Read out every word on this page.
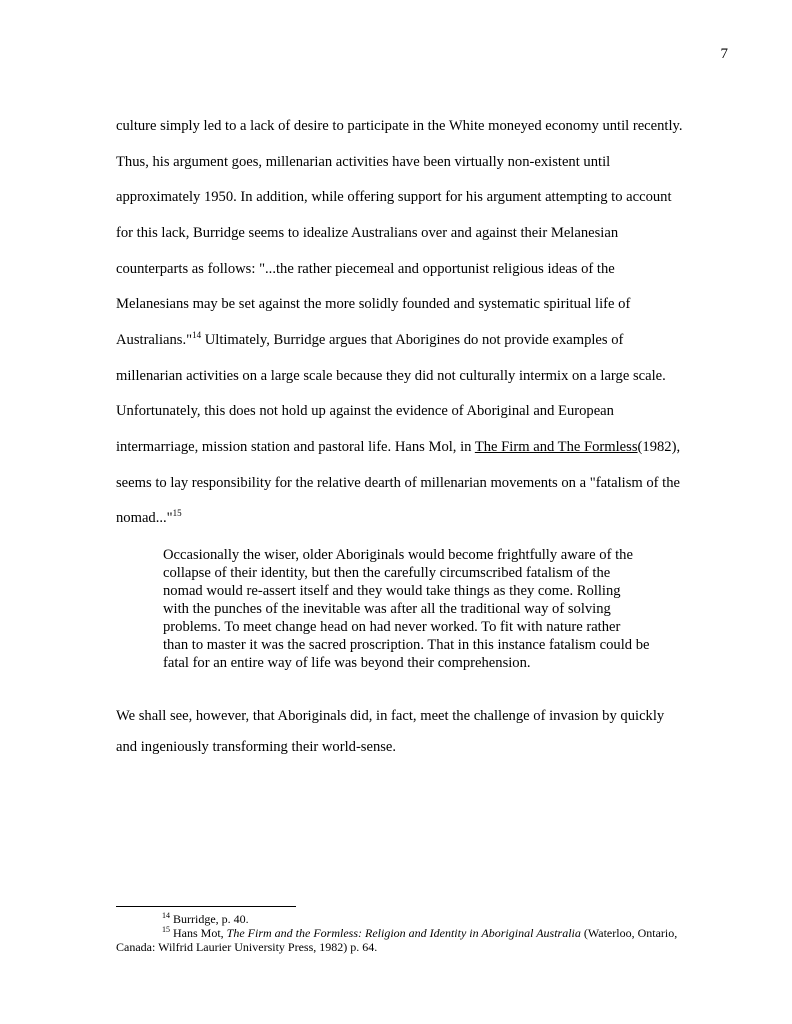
7
culture simply led to a lack of desire to participate in the White moneyed economy until recently.
Thus, his argument goes, millenarian activities have been virtually non-existent until
approximately 1950. In addition, while offering support for his argument attempting to account
for this lack, Burridge seems to idealize Australians over and against their Melanesian
counterparts as follows: "...the rather piecemeal and opportunist religious ideas of the
Melanesians may be set against the more solidly founded and systematic spiritual life of
Australians."$^{14}$ Ultimately, Burridge argues that Aborigines do not provide examples of
millenarian activities on a large scale because they did not culturally intermix on a large scale.
Unfortunately, this does not hold up against the evidence of Aboriginal and European
intermarriage, mission station and pastoral life. Hans Mol, in The Firm and The Formless(1982),
seems to lay responsibility for the relative dearth of millenarian movements on a "fatalism of the
nomad..."$^{15}$
Occasionally the wiser, older Aboriginals would become frightfully aware of the
collapse of their identity, but then the carefully circumscribed fatalism of the
nomad would re-assert itself and they would take things as they come. Rolling
with the punches of the inevitable was after all the traditional way of solving
problems. To meet change head on had never worked. To fit with nature rather
than to master it was the sacred proscription. That in this instance fatalism could be
fatal for an entire way of life was beyond their comprehension.
We shall see, however, that Aboriginals did, in fact, meet the challenge of invasion by quickly
and ingeniously transforming their world-sense.
$^{14}$ Burridge, p. 40.
$^{15}$ Hans Mot, The Firm and the Formless: Religion and Identity in Aboriginal Australia (Waterloo, Ontario,
Canada: Wilfrid Laurier University Press, 1982) p. 64.
